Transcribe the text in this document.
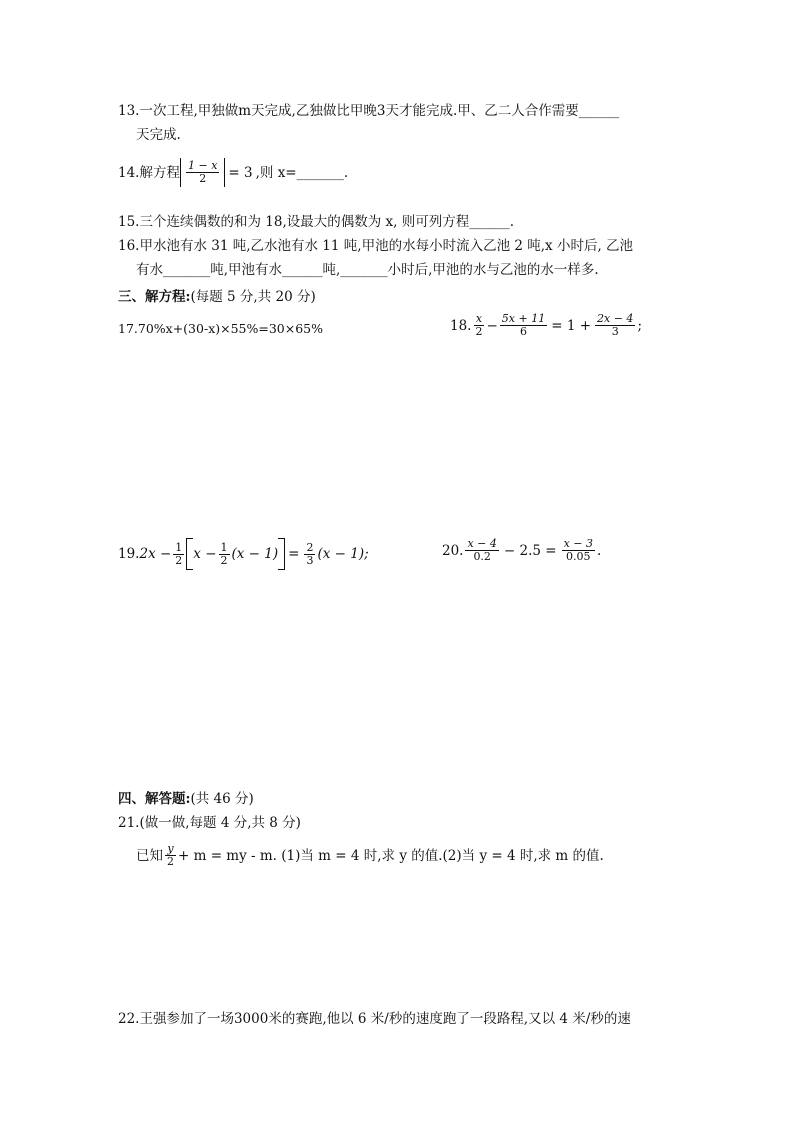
13.一次工程,甲独做m天完成,乙独做比甲晚3天才能完成.甲、乙二人合作需要______
天完成.
14.解方程 $\frac{1 - x}{2} = 3$ ,则 x=_______.
15.三个连续偶数的和为 18,设最大的偶数为 x, 则可列方程______.
16.甲水池有水 31 吨,乙水池有水 11 吨,甲池的水每小时流入乙池 2 吨,x 小时后, 乙池
有水_______吨,甲池有水______吨,_______小时后,甲池的水与乙池的水一样多.
三、解方程:(每题 5 分,共 20 分)
17.70%x+(30-x)×55%=30×65%	18. $\frac{x}{2} - \frac{5x + 11}{6} = 1 + \frac{2x - 4}{3}$ ;
19. $2x - \frac{1}{2}$ $x - \frac{1}{2} (x - 1) = \frac{2}{3} (x - 1)$;	20. $\frac{x - 4}{0.2} - 2.5 = \frac{x - 3}{0.05}$ .
四、解答题:(共 46 分)
21.(做一做,每题 4 分,共 8 分)
已知 $\frac{y}{2} + m$ = my - m. (1)当 m = 4 时,求 y 的值.(2)当 y = 4 时,求 m 的值.
22.王强参加了一场3000米的赛跑,他以 6 米/秒的速度跑了一段路程,又以 4 米/秒的速
